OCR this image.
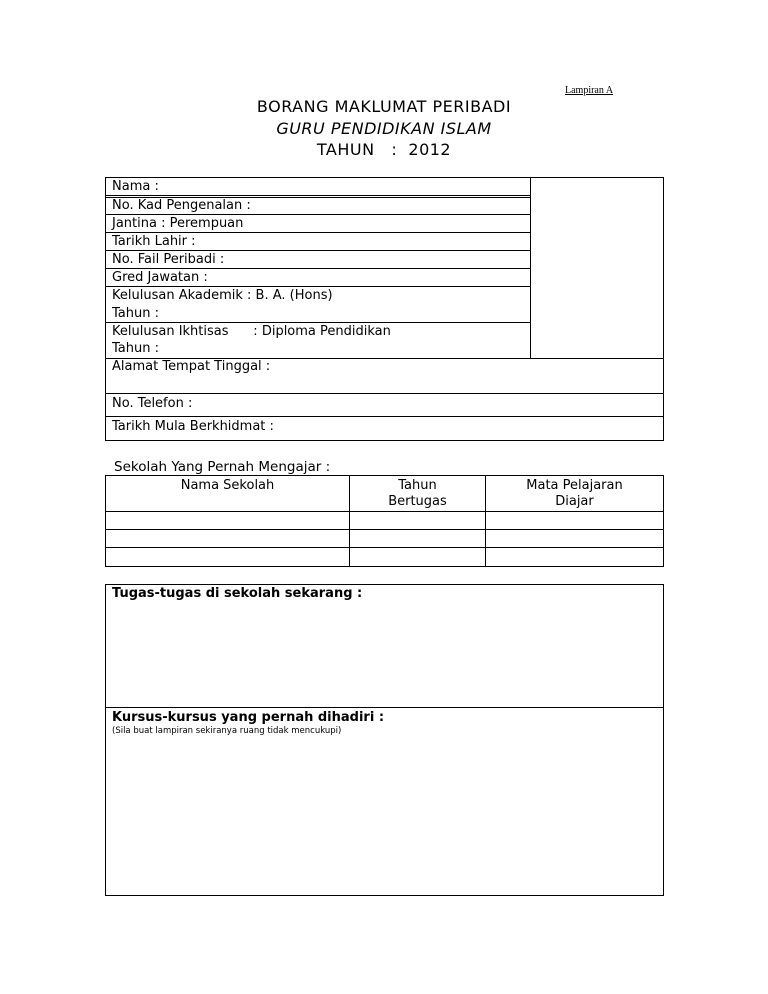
Lampiran A
BORANG MAKLUMAT PERIBADI
GURU PENDIDIKAN ISLAM
TAHUN   :  2012
Nama :
No. Kad Pengenalan :
Jantina : Perempuan
Tarikh Lahir :
No. Fail Peribadi :
Gred Jawatan :
Kelulusan Akademik : B. A. (Hons)
Tahun :
Kelulusan Ikhtisas      : Diploma Pendidikan
Tahun :
Alamat Tempat Tinggal :
No. Telefon :
Tarikh Mula Berkhidmat :
Sekolah Yang Pernah Mengajar :
Nama Sekolah	Tahun
Bertugas
Mata Pelajaran
Diajar
Tugas-tugas di sekolah sekarang :
Kursus-kursus yang pernah dihadiri :
(Sila buat lampiran sekiranya ruang tidak mencukupi)
